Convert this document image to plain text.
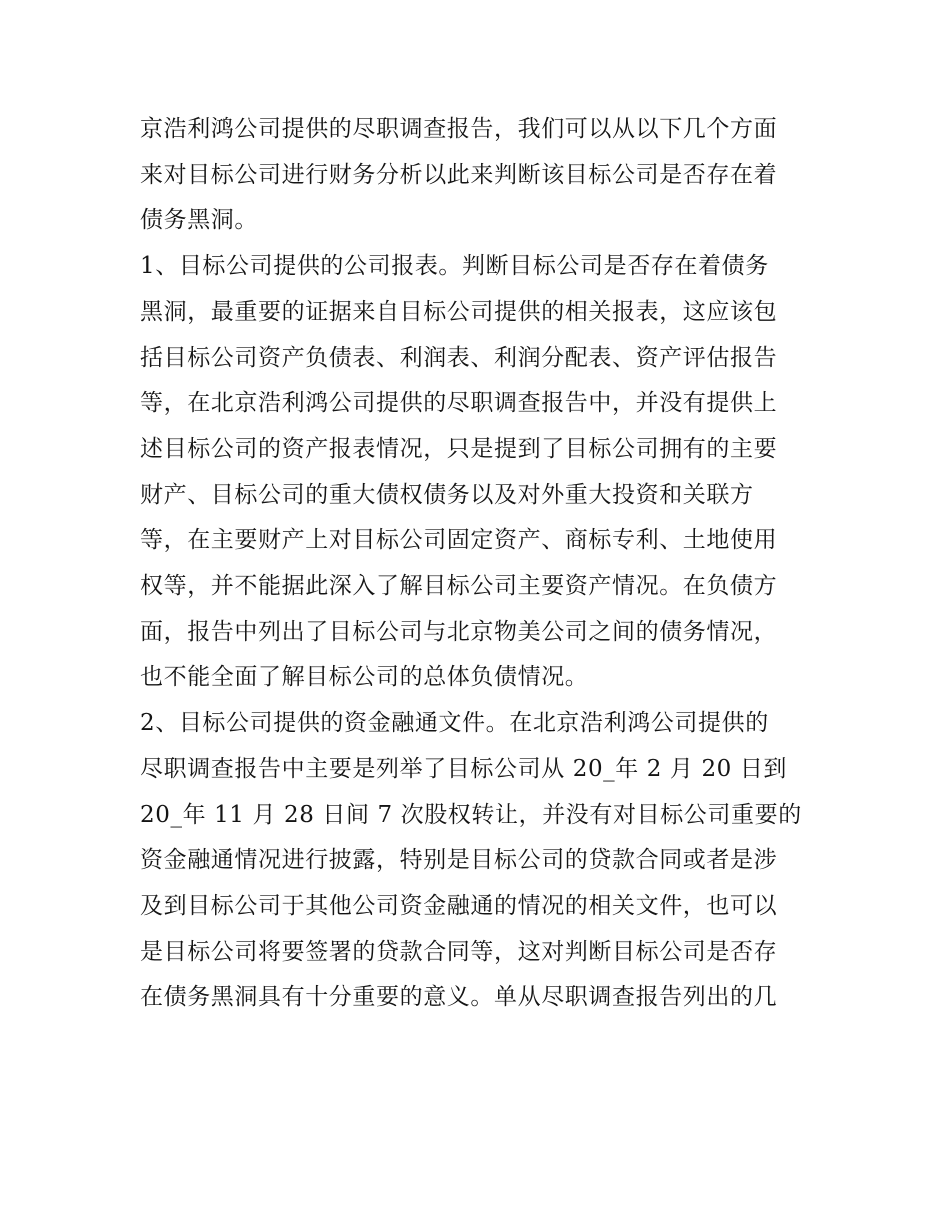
京浩利鸿公司提供的尽职调查报告，我们可以从以下几个方面

来对目标公司进行财务分析以此来判断该目标公司是否存在着

债务黑洞。

1、目标公司提供的公司报表。判断目标公司是否存在着债务

黑洞，最重要的证据来自目标公司提供的相关报表，这应该包

括目标公司资产负债表、利润表、利润分配表、资产评估报告

等，在北京浩利鸿公司提供的尽职调查报告中，并没有提供上

述目标公司的资产报表情况，只是提到了目标公司拥有的主要

财产、目标公司的重大债权债务以及对外重大投资和关联方

等，在主要财产上对目标公司固定资产、商标专利、土地使用

权等，并不能据此深入了解目标公司主要资产情况。在负债方

面，报告中列出了目标公司与北京物美公司之间的债务情况，

也不能全面了解目标公司的总体负债情况。

2、目标公司提供的资金融通文件。在北京浩利鸿公司提供的

尽职调查报告中主要是列举了目标公司从 20_年 2 月 20 日到

20_年 11 月 28 日间 7 次股权转让，并没有对目标公司重要的

资金融通情况进行披露，特别是目标公司的贷款合同或者是涉

及到目标公司于其他公司资金融通的情况的相关文件，也可以

是目标公司将要签署的贷款合同等，这对判断目标公司是否存

在债务黑洞具有十分重要的意义。单从尽职调查报告列出的几
